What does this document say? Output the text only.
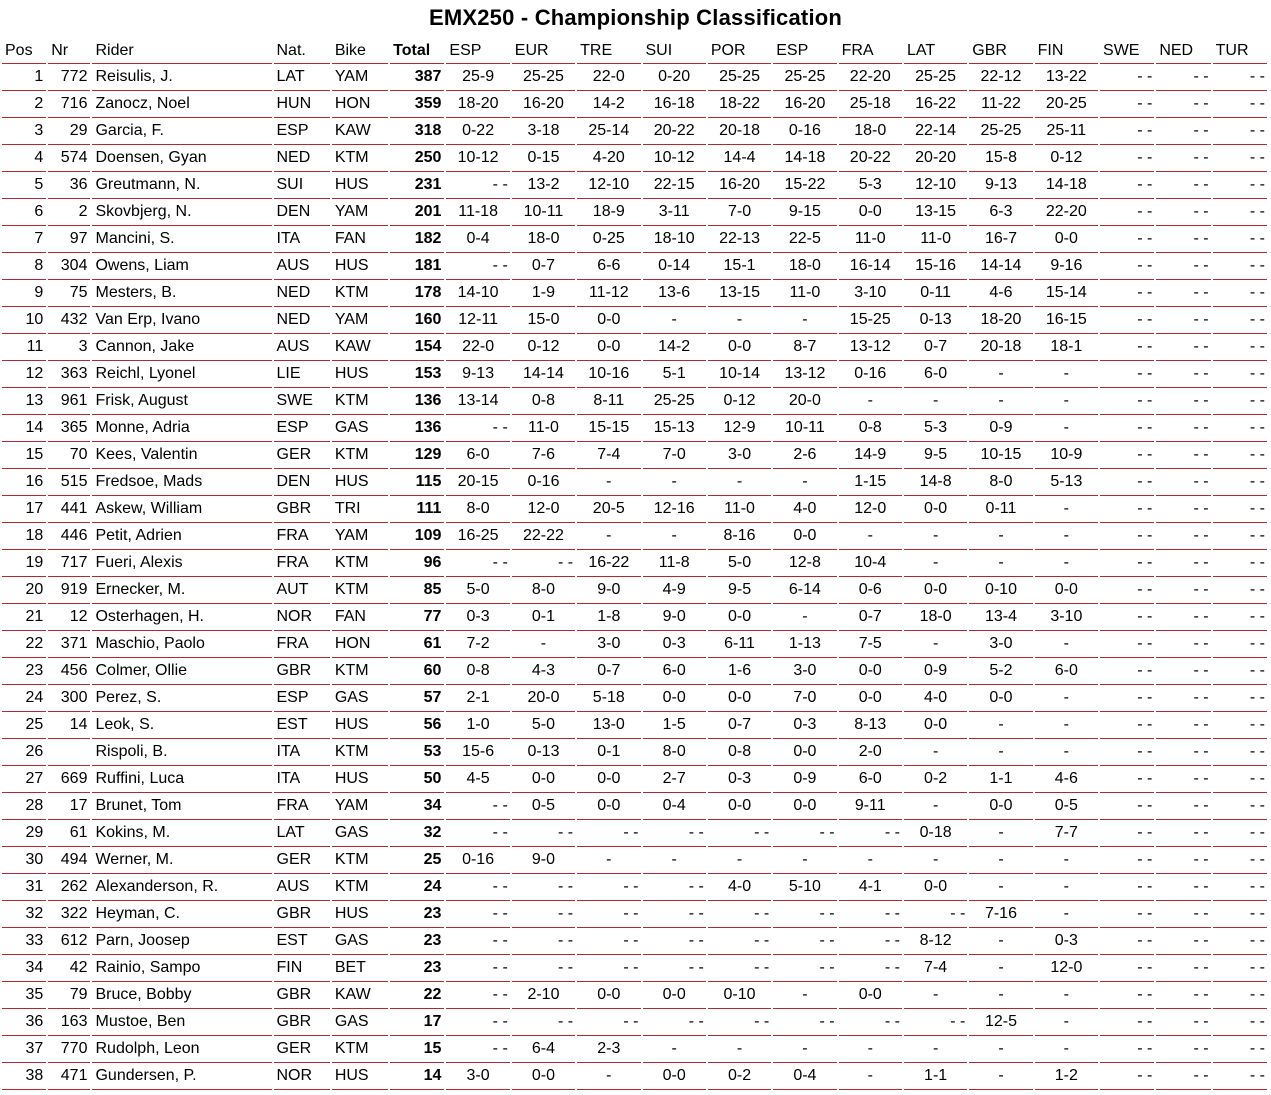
EMX250 - Championship Classification
Pos	Nr	Rider	Nat.	Bike	Total	ESP	EUR	TRE	SUI	POR	ESP	FRA	LAT	GBR	FIN	SWE	NED	TUR
1	772	Reisulis, J.	LAT	YAM	387	25-9	25-25	22-0	0-20	25-25	25-25	22-20	25-25	22-12	13-22	- -	- -	- -
2	716	Zanocz, Noel	HUN	HON	359	18-20	16-20	14-2	16-18	18-22	16-20	25-18	16-22	11-22	20-25	- -	- -	- -
3	29	Garcia, F.	ESP	KAW	318	0-22	3-18	25-14	20-22	20-18	0-16	18-0	22-14	25-25	25-11	- -	- -	- -
4	574	Doensen, Gyan	NED	KTM	250	10-12	0-15	4-20	10-12	14-4	14-18	20-22	20-20	15-8	0-12	- -	- -	- -
5	36	Greutmann, N.	SUI	HUS	231	- -	13-2	12-10	22-15	16-20	15-22	5-3	12-10	9-13	14-18	- -	- -	- -
6	2	Skovbjerg, N.	DEN	YAM	201	11-18	10-11	18-9	3-11	7-0	9-15	0-0	13-15	6-3	22-20	- -	- -	- -
7	97	Mancini, S.	ITA	FAN	182	0-4	18-0	0-25	18-10	22-13	22-5	11-0	11-0	16-7	0-0	- -	- -	- -
8	304	Owens, Liam	AUS	HUS	181	- -	0-7	6-6	0-14	15-1	18-0	16-14	15-16	14-14	9-16	- -	- -	- -
9	75	Mesters, B.	NED	KTM	178	14-10	1-9	11-12	13-6	13-15	11-0	3-10	0-11	4-6	15-14	- -	- -	- -
10	432	Van Erp, Ivano	NED	YAM	160	12-11	15-0	0-0	-	-	-	15-25	0-13	18-20	16-15	- -	- -	- -
11	3	Cannon, Jake	AUS	KAW	154	22-0	0-12	0-0	14-2	0-0	8-7	13-12	0-7	20-18	18-1	- -	- -	- -
12	363	Reichl, Lyonel	LIE	HUS	153	9-13	14-14	10-16	5-1	10-14	13-12	0-16	6-0	-	-	- -	- -	- -
13	961	Frisk, August	SWE	KTM	136	13-14	0-8	8-11	25-25	0-12	20-0	-	-	-	-	- -	- -	- -
14	365	Monne, Adria	ESP	GAS	136	- -	11-0	15-15	15-13	12-9	10-11	0-8	5-3	0-9	-	- -	- -	- -
15	70	Kees, Valentin	GER	KTM	129	6-0	7-6	7-4	7-0	3-0	2-6	14-9	9-5	10-15	10-9	- -	- -	- -
16	515	Fredsoe, Mads	DEN	HUS	115	20-15	0-16	-	-	-	-	1-15	14-8	8-0	5-13	- -	- -	- -
17	441	Askew, William	GBR	TRI	111	8-0	12-0	20-5	12-16	11-0	4-0	12-0	0-0	0-11	-	- -	- -	- -
18	446	Petit, Adrien	FRA	YAM	109	16-25	22-22	-	-	8-16	0-0	-	-	-	-	- -	- -	- -
19	717	Fueri, Alexis	FRA	KTM	96	- -	- -	16-22	11-8	5-0	12-8	10-4	-	-	-	- -	- -	- -
20	919	Ernecker, M.	AUT	KTM	85	5-0	8-0	9-0	4-9	9-5	6-14	0-6	0-0	0-10	0-0	- -	- -	- -
21	12	Osterhagen, H.	NOR	FAN	77	0-3	0-1	1-8	9-0	0-0	-	0-7	18-0	13-4	3-10	- -	- -	- -
22	371	Maschio, Paolo	FRA	HON	61	7-2	-	3-0	0-3	6-11	1-13	7-5	-	3-0	-	- -	- -	- -
23	456	Colmer, Ollie	GBR	KTM	60	0-8	4-3	0-7	6-0	1-6	3-0	0-0	0-9	5-2	6-0	- -	- -	- -
24	300	Perez, S.	ESP	GAS	57	2-1	20-0	5-18	0-0	0-0	7-0	0-0	4-0	0-0	-	- -	- -	- -
25	14	Leok, S.	EST	HUS	56	1-0	5-0	13-0	1-5	0-7	0-3	8-13	0-0	-	-	- -	- -	- -
26		Rispoli, B.	ITA	KTM	53	15-6	0-13	0-1	8-0	0-8	0-0	2-0	-	-	-	- -	- -	- -
27	669	Ruffini, Luca	ITA	HUS	50	4-5	0-0	0-0	2-7	0-3	0-9	6-0	0-2	1-1	4-6	- -	- -	- -
28	17	Brunet, Tom	FRA	YAM	34	- -	0-5	0-0	0-4	0-0	0-0	9-11	-	0-0	0-5	- -	- -	- -
29	61	Kokins, M.	LAT	GAS	32	- -	- -	- -	- -	- -	- -	- -	0-18	-	7-7	- -	- -	- -
30	494	Werner, M.	GER	KTM	25	0-16	9-0	-	-	-	-	-	-	-	-	- -	- -	- -
31	262	Alexanderson, R.	AUS	KTM	24	- -	- -	- -	- -	4-0	5-10	4-1	0-0	-	-	- -	- -	- -
32	322	Heyman, C.	GBR	HUS	23	- -	- -	- -	- -	- -	- -	- -	- -	7-16	-	- -	- -	- -
33	612	Parn, Joosep	EST	GAS	23	- -	- -	- -	- -	- -	- -	- -	8-12	-	0-3	- -	- -	- -
34	42	Rainio, Sampo	FIN	BET	23	- -	- -	- -	- -	- -	- -	- -	7-4	-	12-0	- -	- -	- -
35	79	Bruce, Bobby	GBR	KAW	22	- -	2-10	0-0	0-0	0-10	-	0-0	-	-	-	- -	- -	- -
36	163	Mustoe, Ben	GBR	GAS	17	- -	- -	- -	- -	- -	- -	- -	- -	12-5	-	- -	- -	- -
37	770	Rudolph, Leon	GER	KTM	15	- -	6-4	2-3	-	-	-	-	-	-	-	- -	- -	- -
38	471	Gundersen, P.	NOR	HUS	14	3-0	0-0	-	0-0	0-2	0-4	-	1-1	-	1-2	- -	- -	- -
